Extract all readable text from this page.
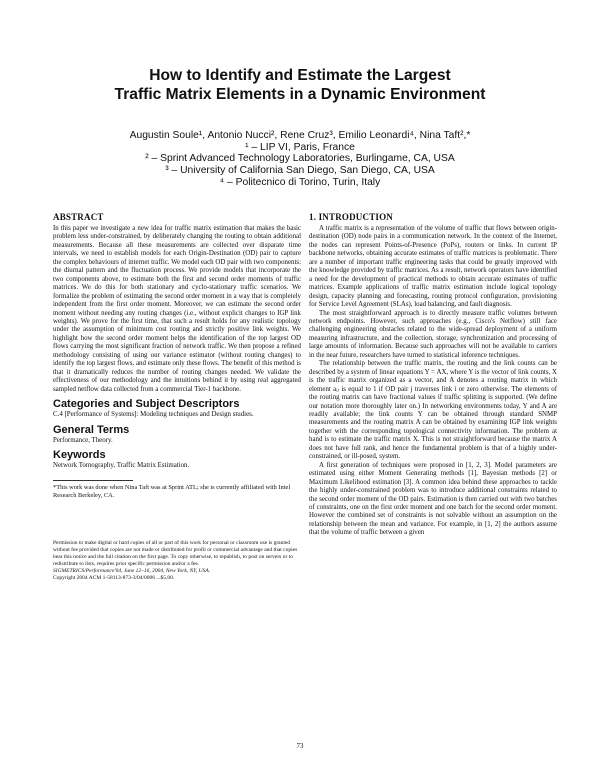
How to Identify and Estimate the Largest
Traffic Matrix Elements in a Dynamic Environment
Augustin Soule¹, Antonio Nucci², Rene Cruz³, Emilio Leonardi⁴, Nina Taft²,*
¹ – LIP VI, Paris, France
² – Sprint Advanced Technology Laboratories, Burlingame, CA, USA
³ – University of California San Diego, San Diego, CA, USA
⁴ – Politecnico di Torino, Turin, Italy
ABSTRACT

In this paper we investigate a new idea for traffic matrix estimation that makes the basic problem less under-constrained, by deliberately changing the routing to obtain additional measurements. Because all these measurements are collected over disparate time intervals, we need to establish models for each Origin-Destination (OD) pair to capture the complex behaviours of internet traffic. We model each OD pair with two components: the diurnal pattern and the fluctuation process. We provide models that incorporate the two components above, to estimate both the first and second order moments of traffic matrices. We do this for both stationary and cyclo-stationary traffic scenarios. We formalize the problem of estimating the second order moment in a way that is completely independent from the first order moment. Moreover, we can estimate the second order moment without needing any routing changes (i.e., without explicit changes to IGP link weights). We prove for the first time, that such a result holds for any realistic topology under the assumption of minimum cost routing and strictly positive link weights. We highlight how the second order moment helps the identification of the top largest OD flows carrying the most significant fraction of network traffic. We then propose a refined methodology consisting of using our variance estimator (without routing changes) to identify the top largest flows, and estimate only these flows. The benefit of this method is that it dramatically reduces the number of routing changes needed. We validate the effectiveness of our methodology and the intuitions behind it by using real aggregated sampled netflow data collected from a commercial Tier-1 backbone.

Categories and Subject Descriptors

C.4 [Performance of Systems]: Modeling techniques and Design studies.

General Terms

Performance, Theory.

Keywords

Network Tomography, Traffic Matrix Estimation.

*This work was done when Nina Taft was at Sprint ATL; she is currently affiliated with Intel Research Berkeley, CA.

Permission to make digital or hard copies of all or part of this work for personal or classroom use is granted without fee provided that copies are not made or distributed for profit or commercial advantage and that copies bear this notice and the full citation on the first page. To copy otherwise, to republish, to post on servers or to redistribute to lists, requires prior specific permission and/or a fee.

SIGMETRICS/Performance'04, June 12–16, 2004, New York, NY, USA.

Copyright 2004 ACM 1-58113-873-3/04/0006 ...$5.00.

1. INTRODUCTION

A traffic matrix is a representation of the volume of traffic that flows between origin-destination (OD) node pairs in a communication network. In the context of the Internet, the nodes can represent Points-of-Presence (PoPs), routers or links. In current IP backbone networks, obtaining accurate estimates of traffic matrices is problematic. There are a number of important traffic engineering tasks that could be greatly improved with the knowledge provided by traffic matrices. As a result, network operators have identified a need for the development of practical methods to obtain accurate estimates of traffic matrices. Example applications of traffic matrix estimation include logical topology design, capacity planning and forecasting, routing protocol configuration, provisioning for Service Level Agreement (SLAs), load balancing, and fault diagnosis.

The most straightforward approach is to directly measure traffic volumes between network endpoints. However, such approaches (e.g., Cisco's Netflow) still face challenging engineering obstacles related to the wide-spread deployment of a uniform measuring infrastructure, and the collection, storage, synchronization and processing of large amounts of information. Because such approaches will not be available to carriers in the near future, researchers have turned to statistical inference techniques.

The relationship between the traffic matrix, the routing and the link counts can be described by a system of linear equations Y = AX, where Y is the vector of link counts, X is the traffic matrix organized as a vector, and A denotes a routing matrix in which element aᵢⱼ is equal to 1 if OD pair j traverses link i or zero otherwise. The elements of the routing matrix can have fractional values if traffic splitting is supported. (We define our notation more thoroughly later on.) In networking environments today, Y and A are readily available; the link counts Y can be obtained through standard SNMP measurements and the routing matrix A can be obtained by examining IGP link weights together with the corresponding topological connectivity information. The problem at hand is to estimate the traffic matrix X. This is not straightforward because the matrix A does not have full rank, and hence the fundamental problem is that of a highly under-constrained, or ill-posed, system.

A first generation of techniques were proposed in [1, 2, 3]. Model parameters are estimated using either Moment Generating methods [1], Bayesian methods [2] or Maximum Likelihood estimation [3]. A common idea behind these approaches to tackle the highly under-constrained problem was to introduce additional constraints related to the second order moment of the OD pairs. Estimation is then carried out with two batches of constraints, one on the first order moment and one batch for the second order moment. However the combined set of constraints is not solvable without an assumption on the relationship between the mean and variance. For example, in [1, 2] the authors assume that the volume of traffic between a given

73
